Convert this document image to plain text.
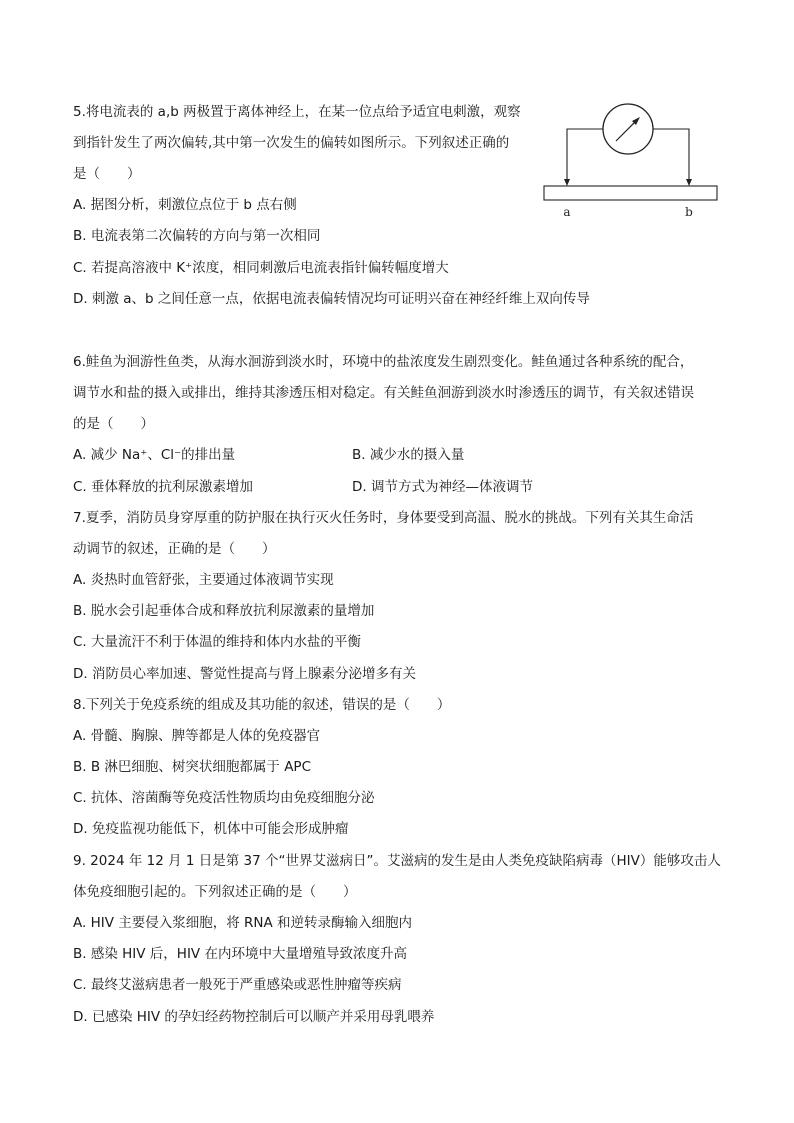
5.将电流表的 a,b 两极置于离体神经上，在某一位点给予适宜电刺激，观察
到指针发生了两次偏转,其中第一次发生的偏转如图所示。下列叙述正确的
是（　　）
A. 据图分析，刺激位点位于 b 点右侧
B. 电流表第二次偏转的方向与第一次相同
C. 若提高溶液中 K⁺浓度，相同刺激后电流表指针偏转幅度增大
D. 刺激 a、b 之间任意一点，依据电流表偏转情况均可证明兴奋在神经纤维上双向传导
a	b
6.鲑鱼为洄游性鱼类，从海水洄游到淡水时，环境中的盐浓度发生剧烈变化。鲑鱼通过各种系统的配合，
调节水和盐的摄入或排出，维持其渗透压相对稳定。有关鲑鱼洄游到淡水时渗透压的调节，有关叙述错误
的是（　　）
A. 减少 Na⁺、Cl⁻的排出量	B. 减少水的摄入量
C. 垂体释放的抗利尿激素增加	D. 调节方式为神经—体液调节
7.夏季，消防员身穿厚重的防护服在执行灭火任务时，身体要受到高温、脱水的挑战。下列有关其生命活
动调节的叙述，正确的是（　　）
A. 炎热时血管舒张，主要通过体液调节实现
B. 脱水会引起垂体合成和释放抗利尿激素的量增加
C. 大量流汗不利于体温的维持和体内水盐的平衡
D. 消防员心率加速、警觉性提高与肾上腺素分泌增多有关
8.下列关于免疫系统的组成及其功能的叙述，错误的是（　　）
A. 骨髓、胸腺、脾等都是人体的免疫器官
B. B 淋巴细胞、树突状细胞都属于 APC
C. 抗体、溶菌酶等免疫活性物质均由免疫细胞分泌
D. 免疫监视功能低下，机体中可能会形成肿瘤
9. 2024 年 12 月 1 日是第 37 个“世界艾滋病日”。艾滋病的发生是由人类免疫缺陷病毒（HIV）能够攻击人
体免疫细胞引起的。下列叙述正确的是（　　）
A. HIV 主要侵入浆细胞，将 RNA 和逆转录酶输入细胞内
B. 感染 HIV 后，HIV 在内环境中大量增殖导致浓度升高
C. 最终艾滋病患者一般死于严重感染或恶性肿瘤等疾病
D. 已感染 HIV 的孕妇经药物控制后可以顺产并采用母乳喂养
